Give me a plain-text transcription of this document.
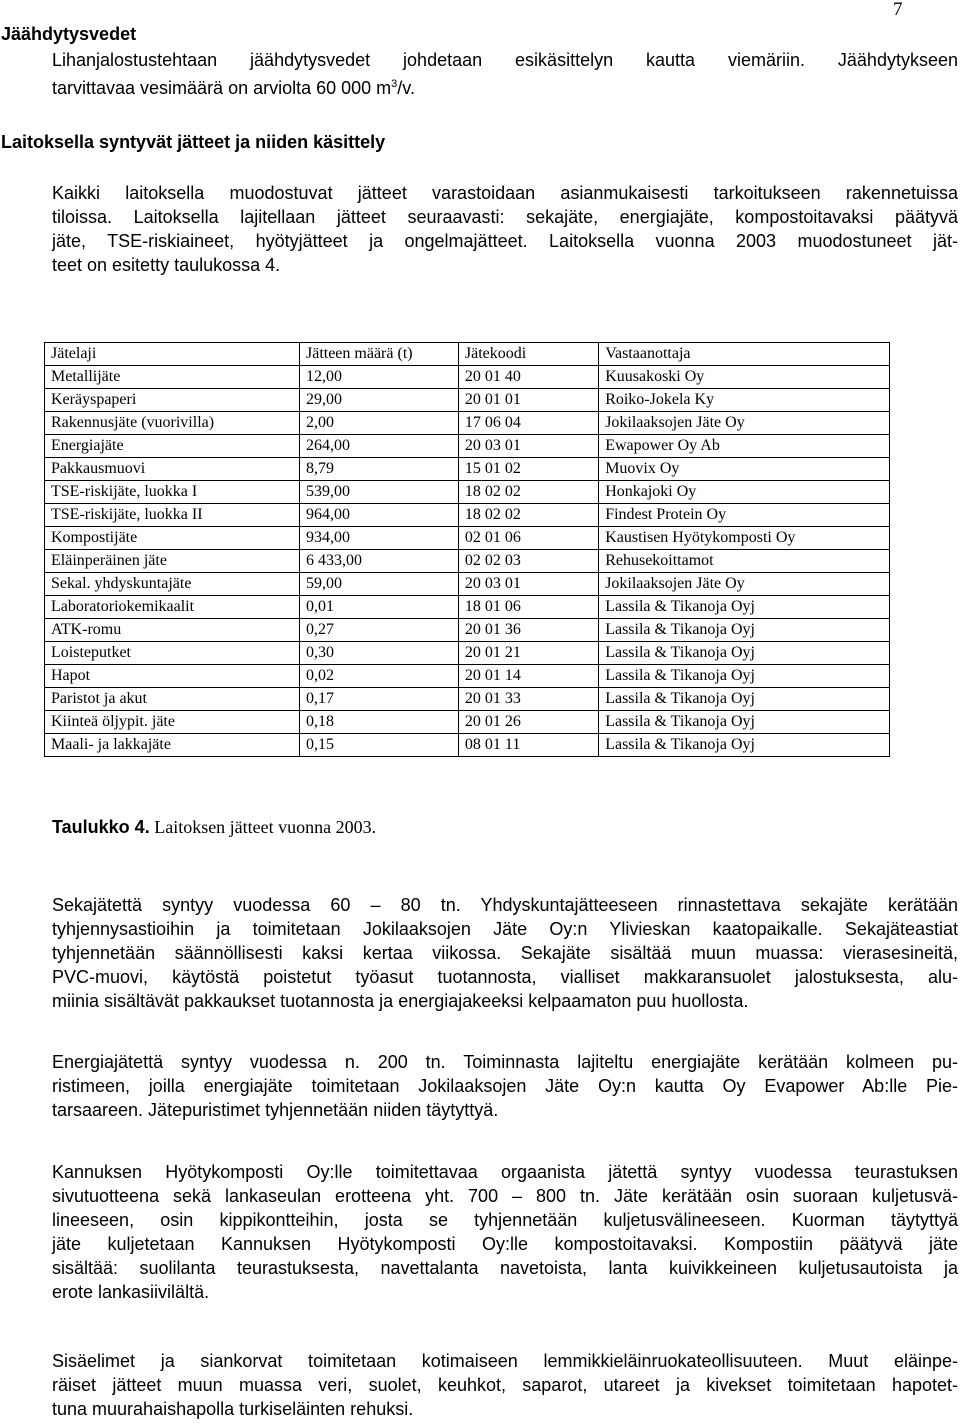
7
Jäähdytysvedet
Lihanjalostustehtaan jäähdytysvedet johdetaan esikäsittelyn kautta viemäriin. Jäähdytykseen
tarvittavaa vesimäärä on arviolta 60 000 $m^3/v$.
Laitoksella syntyvät jätteet ja niiden käsittely
Kaikki laitoksella muodostuvat jätteet varastoidaan asianmukaisesti tarkoitukseen rakennetuissa
tiloissa. Laitoksella lajitellaan jätteet seuraavasti: sekajäte, energiajäte, kompostoitavaksi päätyvä
jäte, TSE-riskiaineet, hyötyjätteet ja ongelmajätteet. Laitoksella vuonna 2003 muodostuneet jät-
teet on esitetty taulukossa 4.
Jätelaji	Jätteen määrä (t)	Jätekoodi	Vastaanottaja
Metallijäte	12,00	20 01 40	Kuusakoski Oy
Keräyspaperi	29,00	20 01 01	Roiko-Jokela Ky
Rakennusjäte (vuorivilla)	2,00	17 06 04	Jokilaaksojen Jäte Oy
Energiajäte	264,00	20 03 01	Ewapower Oy Ab
Pakkausmuovi	8,79	15 01 02	Muovix Oy
TSE-riskijäte, luokka I	539,00	18 02 02	Honkajoki Oy
TSE-riskijäte, luokka II	964,00	18 02 02	Findest Protein Oy
Kompostijäte	934,00	02 01 06	Kaustisen Hyötykomposti Oy
Eläinperäinen jäte	6 433,00	02 02 03	Rehusekoittamot
Sekal. yhdyskuntajäte	59,00	20 03 01	Jokilaaksojen Jäte Oy
Laboratoriokemikaalit	0,01	18 01 06	Lassila & Tikanoja Oyj
ATK-romu	0,27	20 01 36	Lassila & Tikanoja Oyj
Loisteputket	0,30	20 01 21	Lassila & Tikanoja Oyj
Hapot	0,02	20 01 14	Lassila & Tikanoja Oyj
Paristot ja akut	0,17	20 01 33	Lassila & Tikanoja Oyj
Kiinteä öljypit. jäte	0,18	20 01 26	Lassila & Tikanoja Oyj
Maali- ja lakkajäte	0,15	08 01 11	Lassila & Tikanoja Oyj
Taulukko 4. Laitoksen jätteet vuonna 2003.
Sekajätettä syntyy vuodessa 60 – 80 tn. Yhdyskuntajätteeseen rinnastettava sekajäte kerätään
tyhjennysastioihin ja toimitetaan Jokilaaksojen Jäte Oy:n Ylivieskan kaatopaikalle. Sekajäteastiat
tyhjennetään säännöllisesti kaksi kertaa viikossa. Sekajäte sisältää muun muassa: vierasesineitä,
PVC-muovi, käytöstä poistetut työasut tuotannosta, vialliset makkaransuolet jalostuksesta, alu-
miinia sisältävät pakkaukset tuotannosta ja energiajakeeksi kelpaamaton puu huollosta.
Energiajätettä syntyy vuodessa n. 200 tn. Toiminnasta lajiteltu energiajäte kerätään kolmeen pu-
ristimeen, joilla energiajäte toimitetaan Jokilaaksojen Jäte Oy:n kautta Oy Evapower Ab:lle Pie-
tarsaareen. Jätepuristimet tyhjennetään niiden täytyttyä.
Kannuksen Hyötykomposti Oy:lle toimitettavaa orgaanista jätettä syntyy vuodessa teurastuksen
sivutuotteena sekä lankaseulan erotteena yht. 700 – 800 tn. Jäte kerätään osin suoraan kuljetusvä-
lineeseen, osin kippikontteihin, josta se tyhjennetään kuljetusvälineeseen. Kuorman täytyttyä
jäte kuljetetaan Kannuksen Hyötykomposti Oy:lle kompostoitavaksi. Kompostiin päätyvä jäte
sisältää: suolilanta teurastuksesta, navettalanta navetoista, lanta kuivikkeineen kuljetusautoista ja
erote lankasiivilältä.
Sisäelimet ja siankorvat toimitetaan kotimaiseen lemmikkieläinruokateollisuuteen. Muut eläinpe-
räiset jätteet muun muassa veri, suolet, keuhkot, saparot, utareet ja kivekset toimitetaan hapotet-
tuna muurahaishapolla turkiseläinten rehuksi.
